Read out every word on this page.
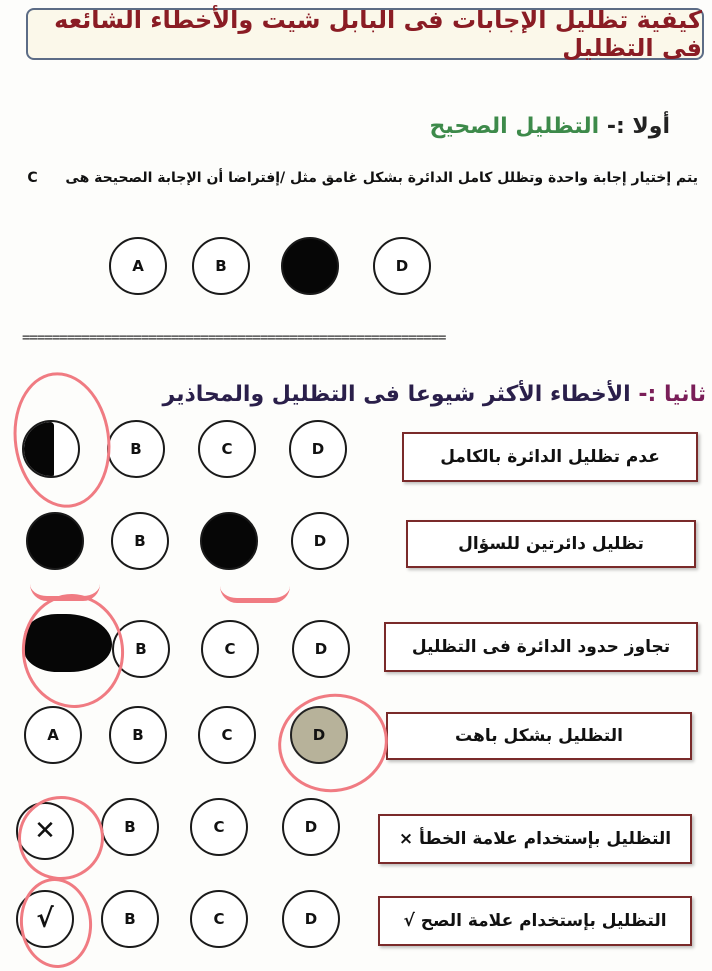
كيفية تظليل الإجابات فى البابل شيت والأخطاء الشائعه فى التظليل
أولا :- التظليل الصحيح
يتم إختيار إجابة واحدة وتظلل كامل الدائرة بشكل غامق مثل /إفتراضا أن الإجابة الصحيحة هى  C
A	B	D
=========================================================
ثانيا :- الأخطاء الأكثر شيوعا فى التظليل والمحاذير
B	C	D	عدم تظليل الدائرة بالكامل
B	D	تظليل دائرتين للسؤال
B	C	D	تجاوز حدود الدائرة فى التظليل
A	B	C	D	التظليل بشكل باهت
✕	B	C	D
التظليل بإستخدام علامة الخطأ ×
√	B	C	D	التظليل بإستخدام علامة الصح √
